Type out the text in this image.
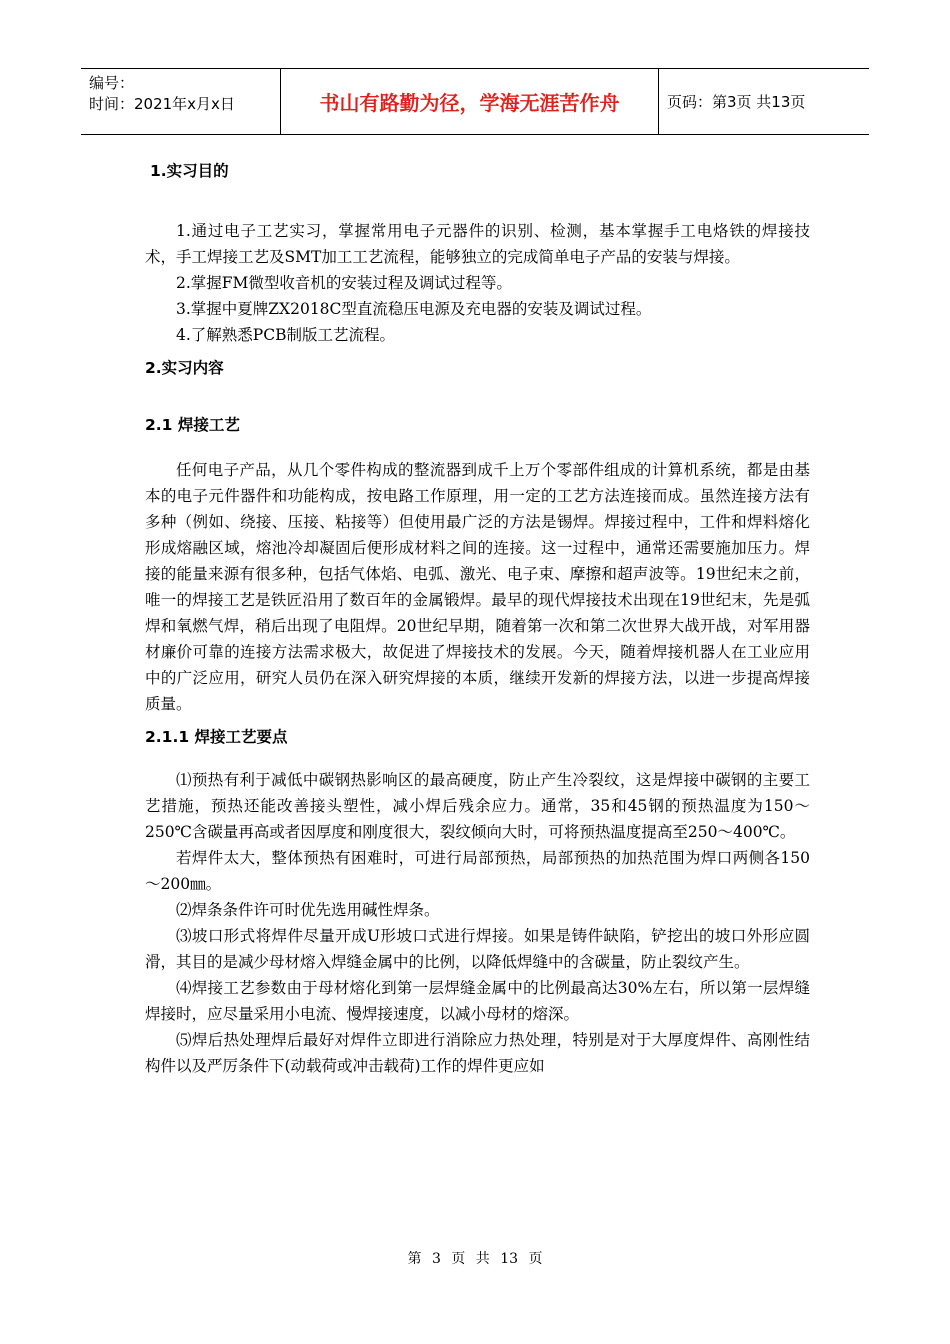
编号：
时间：2021年x月x日	书山有路勤为径，学海无涯苦作舟	页码：第3页 共13页
1.实习目的

1.通过电子工艺实习，掌握常用电子元器件的识别、检测，基本掌握手工电烙铁的焊接技术，手工焊接工艺及SMT加工工艺流程，能够独立的完成简单电子产品的安装与焊接。

2.掌握FM微型收音机的安装过程及调试过程等。

3.掌握中夏牌ZX2018C型直流稳压电源及充电器的安装及调试过程。

4.了解熟悉PCB制版工艺流程。

2.实习内容
2.1 焊接工艺

任何电子产品，从几个零件构成的整流器到成千上万个零部件组成的计算机系统，都是由基本的电子元件器件和功能构成，按电路工作原理，用一定的工艺方法连接而成。虽然连接方法有多种（例如、绕接、压接、粘接等）但使用最广泛的方法是锡焊。焊接过程中，工件和焊料熔化形成熔融区域，熔池冷却凝固后便形成材料之间的连接。这一过程中，通常还需要施加压力。焊接的能量来源有很多种，包括气体焰、电弧、激光、电子束、摩擦和超声波等。19世纪末之前，唯一的焊接工艺是铁匠沿用了数百年的金属锻焊。最早的现代焊接技术出现在19世纪末，先是弧焊和氧燃气焊，稍后出现了电阻焊。20世纪早期，随着第一次和第二次世界大战开战，对军用器材廉价可靠的连接方法需求极大，故促进了焊接技术的发展。今天，随着焊接机器人在工业应用中的广泛应用，研究人员仍在深入研究焊接的本质，继续开发新的焊接方法，以进一步提高焊接质量。

2.1.1 焊接工艺要点

⑴预热有利于减低中碳钢热影响区的最高硬度，防止产生冷裂纹，这是焊接中碳钢的主要工艺措施，预热还能改善接头塑性，减小焊后残余应力。通常，35和45钢的预热温度为150～250℃含碳量再高或者因厚度和刚度很大，裂纹倾向大时，可将预热温度提高至250～400℃。

若焊件太大，整体预热有困难时，可进行局部预热，局部预热的加热范围为焊口两侧各150～200㎜。

⑵焊条条件许可时优先选用碱性焊条。

⑶坡口形式将焊件尽量开成U形坡口式进行焊接。如果是铸件缺陷，铲挖出的坡口外形应圆滑，其目的是减少母材熔入焊缝金属中的比例，以降低焊缝中的含碳量，防止裂纹产生。

⑷焊接工艺参数由于母材熔化到第一层焊缝金属中的比例最高达30%左右，所以第一层焊缝焊接时，应尽量采用小电流、慢焊接速度，以减小母材的熔深。

⑸焊后热处理焊后最好对焊件立即进行消除应力热处理，特别是对于大厚度焊件、高刚性结构件以及严厉条件下(动载荷或冲击载荷)工作的焊件更应如

第 3 页 共 13 页
